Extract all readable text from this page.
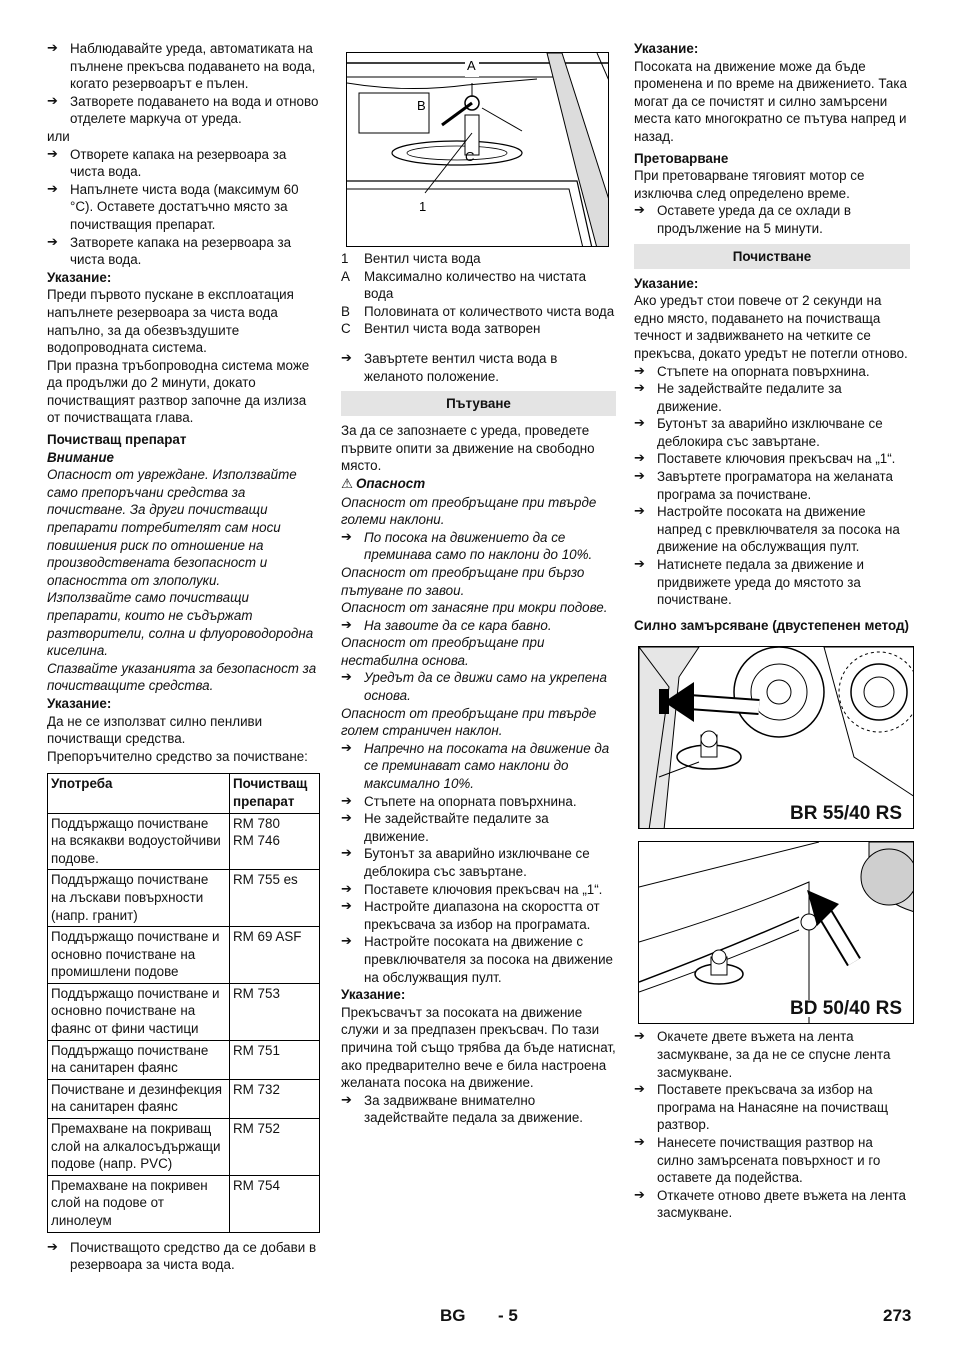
➔ Наблюдавайте уреда, автоматиката на пълнене прекъсва подаването на вода, когато резервоарът е пълен.

➔ Затворете подаването на вода и отново отделете маркуча от уреда.

или

➔ Отворете капака на резервоара за чиста вода.

➔ Напълнете чиста вода (максимум 60 °C). Оставете достатъчно място за почистващия препарат.

➔ Затворете капака на резервоара за чиста вода.

Указание:

Преди първото пускане в експлоатация напълнете резервоара за чиста вода напълно, за да обезвъздушите водопроводната система.

При празна тръбопроводна система може да продължи до 2 минути, докато почистващият разтвор започне да излиза от почистващата глава.

Почистващ препарат

Внимание

Опасност от увреждане. Използвайте само препоръчани средства за почистване. За други почистващи препарати потребителят сам носи повишения риск по отношение на производствената безопасност и опасността от злополуки.

Използвайте само почистващи препарати, които не съдържат разтворители, солна и флуороводородна киселина.

Спазвайте указанията за безопасност за почистващите средства.

Указание:

Да не се използват силно пенливи почистващи средства.

Препоръчително средство за почистване:

Употреба	Почистващ препарат
Поддържащо почистване на всякакви водоустойчиви подове.	RM 780
RM 746
Поддържащо почистване на лъскави повърхности (напр. гранит)	RM 755 es
Поддържащо почистване и основно почистване на промишлени подове	RM 69 ASF
Поддържащо почистване и основно почистване на фаянс от фини частици	RM 753
Поддържащо почистване на санитарен фаянс	RM 751
Почистване и дезинфекция на санитарен фаянс	RM 732
Премахване на покриващ слой на алкалосъдържащи подове (напр. PVC)	RM 752
Премахване на покривен слой на подове от линолеум	RM 754

➔ Почистващото средство да се добави в резервоара за чиста вода.

A
B
C
1
1	Вентил чиста вода
A	Максимално количество на чистата вода
B	Половината от количеството чиста вода
C Вентил чиста вода затворен

➔ Завъртете вентил чиста вода в желаното положение.

Пътуване

За да се запознаете с уреда, проведете първите опити за движение на свободно място.

⚠ Опасност

Опасност от преобръщане при твърде големи наклони.

➔ По посока на движението да се преминава само по наклони до 10%.

Опасност от преобръщане при бързо пътуване по завои.

Опасност от занасяне при мокри подове.

➔ На завоите да се кара бавно.

Опасност от преобръщане при нестабилна основа.

➔ Уредът да се движи само на укрепена основа.

Опасност от преобръщане при твърде голем страничен наклон.

➔ Напречно на посоката на движение да се преминават само наклони до максимално 10%.

➔ Стъпете на опорната повърхнина.

➔ Не задействайте педалите за движение.

➔ Бутонът за аварийно изключване се деблокира със завъртане.

➔ Поставете ключовия прекъсвач на „1“.

➔ Настройте диапазона на скоростта от прекъсвача за избор на програмата.

➔ Настройте посоката на движение с превключвателя за посока на движение на обслужващия пулт.

Указание:

Прекъсвачът за посоката на движение служи и за предпазен прекъсвач. По тази причина той също трябва да бъде натиснат, ако предварително вече е била настроена желаната посока на движение.

➔ За задвижване внимателно задействайте педала за движение.

Указание:

Посоката на движение може да бъде променена и по време на движението. Така могат да се почистят и силно замърсени места като многократно се пътува напред и назад.

Претоварване

При претоварване тяговият мотор се изключва след определено време.

➔ Оставете уреда да се охлади в продължение на 5 минути.

Почистване

Указание:

Ако уредът стои повече от 2 секунди на едно място, подаването на почистваща течност и задвижването на четките се прекъсва, докато уредът не потегли отново.

➔ Стъпете на опорната повърхнина.

➔ Не задействайте педалите за движение.

➔ Бутонът за аварийно изключване се деблокира със завъртане.

➔ Поставете ключовия прекъсвач на „1“.

➔ Завъртете програматора на желаната програма за почистване.

➔ Настройте посоката на движение напред с превключвателя за посока на движение на обслужващия пулт.

➔ Натиснете педала за движение и придвижете уреда до мястото за почистване.

Силно замърсяване (двустепенен метод)

BR 55/40 RS
BD 50/40 RS

➔ Окачете двете въжета на лента засмукване, за да не се спусне лента засмукване.

➔ Поставете прекъсвача за избор на програма на Нанасяне на почистващ разтвор.

➔ Нанесете почистващия разтвор на силно замърсената повърхност и го оставете да подейства.

➔ Откачете отново двете въжета на лента засмукване.

BG - 5	273
